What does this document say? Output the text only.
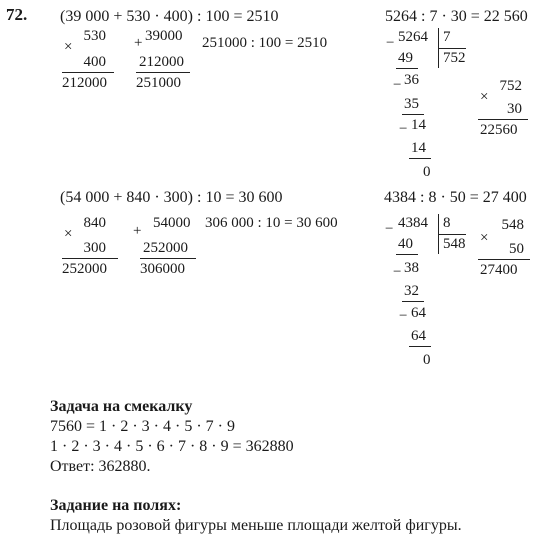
72. (39 000 + 530 · 400) : 100 = 2510
×
530
400
212000
+ 39000
212000
251000
251000 : 100 = 2510
5264 : 7 · 30 = 22 560
− 5264 7
752
49
− 36
35
− 14
14
0
×
752
30
22560
(54 000 + 840 · 300) : 10 = 30 600
×
840
300
252000
+ 54000
252000
306000
306 000 : 10 = 30 600
4384 : 8 · 50 = 27 400
− 4384 8
548
40
− 38
32
− 64
64
0
×
548
50
27400
Задача на смекалку
7560 = 1 · 2 · 3 · 4 · 5 · 7 · 9
1 · 2 · 3 · 4 · 5 · 6 · 7 · 8 · 9 = 362880
Ответ: 362880.
Задание на полях:
Площадь розовой фигуры меньше площади желтой фигуры.
